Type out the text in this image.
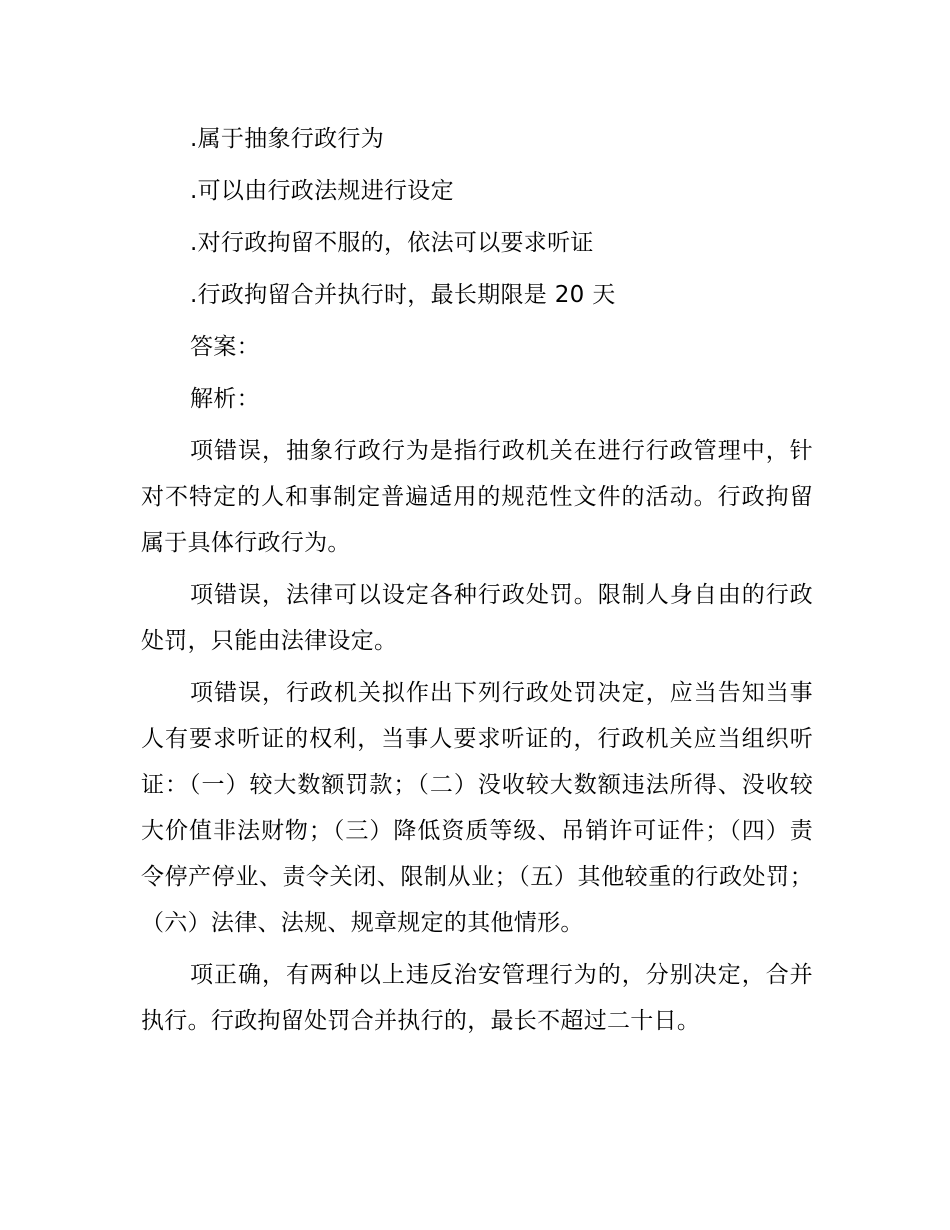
.属于抽象行政行为
.可以由行政法规进行设定
.对行政拘留不服的，依法可以要求听证
.行政拘留合并执行时，最长期限是 20 天
答案：
解析：

项错误，抽象行政行为是指行政机关在进行行政管理中，针对不特定的人和事制定普遍适用的规范性文件的活动。行政拘留属于具体行政行为。

项错误，法律可以设定各种行政处罚。限制人身自由的行政处罚，只能由法律设定。

项错误，行政机关拟作出下列行政处罚决定，应当告知当事人有要求听证的权利，当事人要求听证的，行政机关应当组织听证：（一）较大数额罚款；（二）没收较大数额违法所得、没收较大价值非法财物；（三）降低资质等级、吊销许可证件；（四）责令停产停业、责令关闭、限制从业；（五）其他较重的行政处罚；（六）法律、法规、规章规定的其他情形。

项正确，有两种以上违反治安管理行为的，分别决定，合并执行。行政拘留处罚合并执行的，最长不超过二十日。
